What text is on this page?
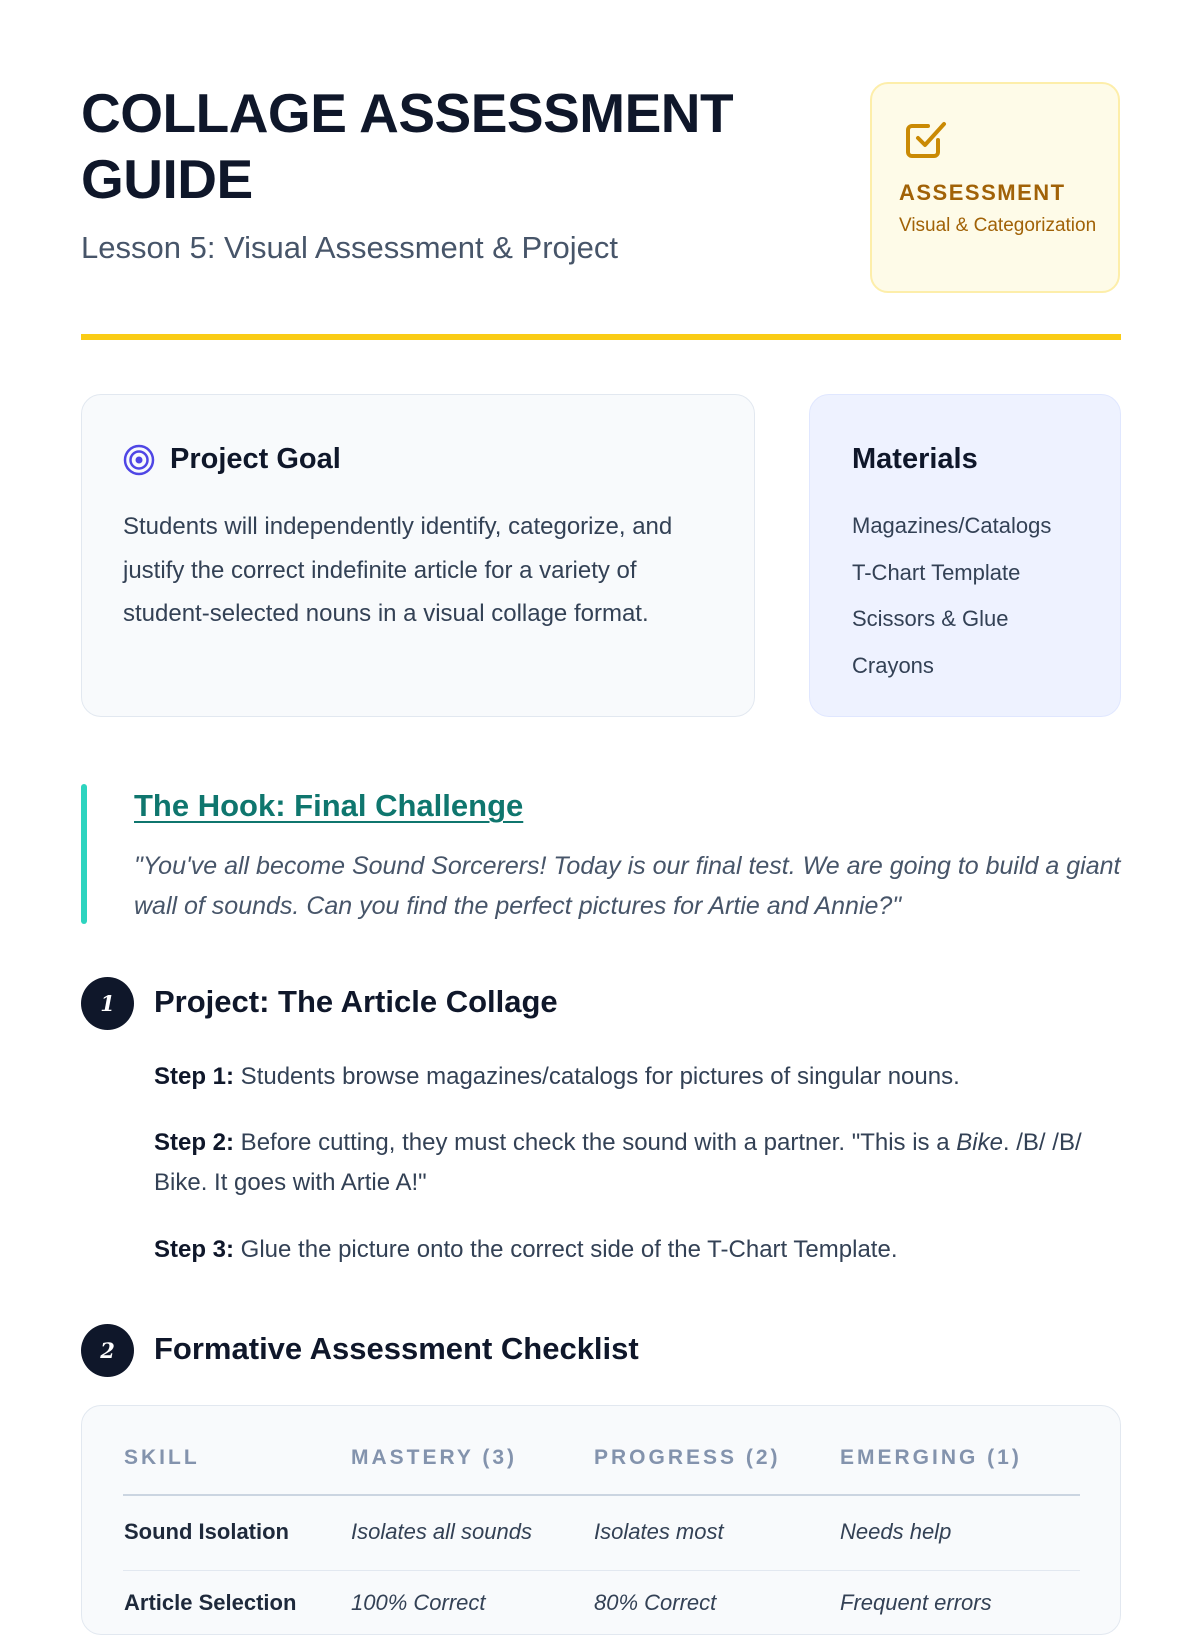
COLLAGE ASSESSMENT GUIDE
Lesson 5: Visual Assessment & Project
ASSESSMENT
Visual & Categorization
Project Goal

Students will independently identify, categorize, and justify the correct indefinite article for a variety of student-selected nouns in a visual collage format.

Materials
Magazines/Catalogs
T-Chart Template
Scissors & Glue
Crayons
The Hook: Final Challenge

"You've all become Sound Sorcerers! Today is our final test. We are going to build a giant wall of sounds. Can you find the perfect pictures for Artie and Annie?"

1	Project: The Article Collage

Step 1: Students browse magazines/catalogs for pictures of singular nouns.

Step 2: Before cutting, they must check the sound with a partner. "This is a Bike. /B/ /B/ Bike. It goes with Artie A!"

Step 3: Glue the picture onto the correct side of the T-Chart Template.

2	Formative Assessment Checklist
SKILL	MASTERY (3)	PROGRESS (2)	EMERGING (1)
Sound Isolation	Isolates all sounds	Isolates most	Needs help
Article Selection 100% Correct	80% Correct	Frequent errors
